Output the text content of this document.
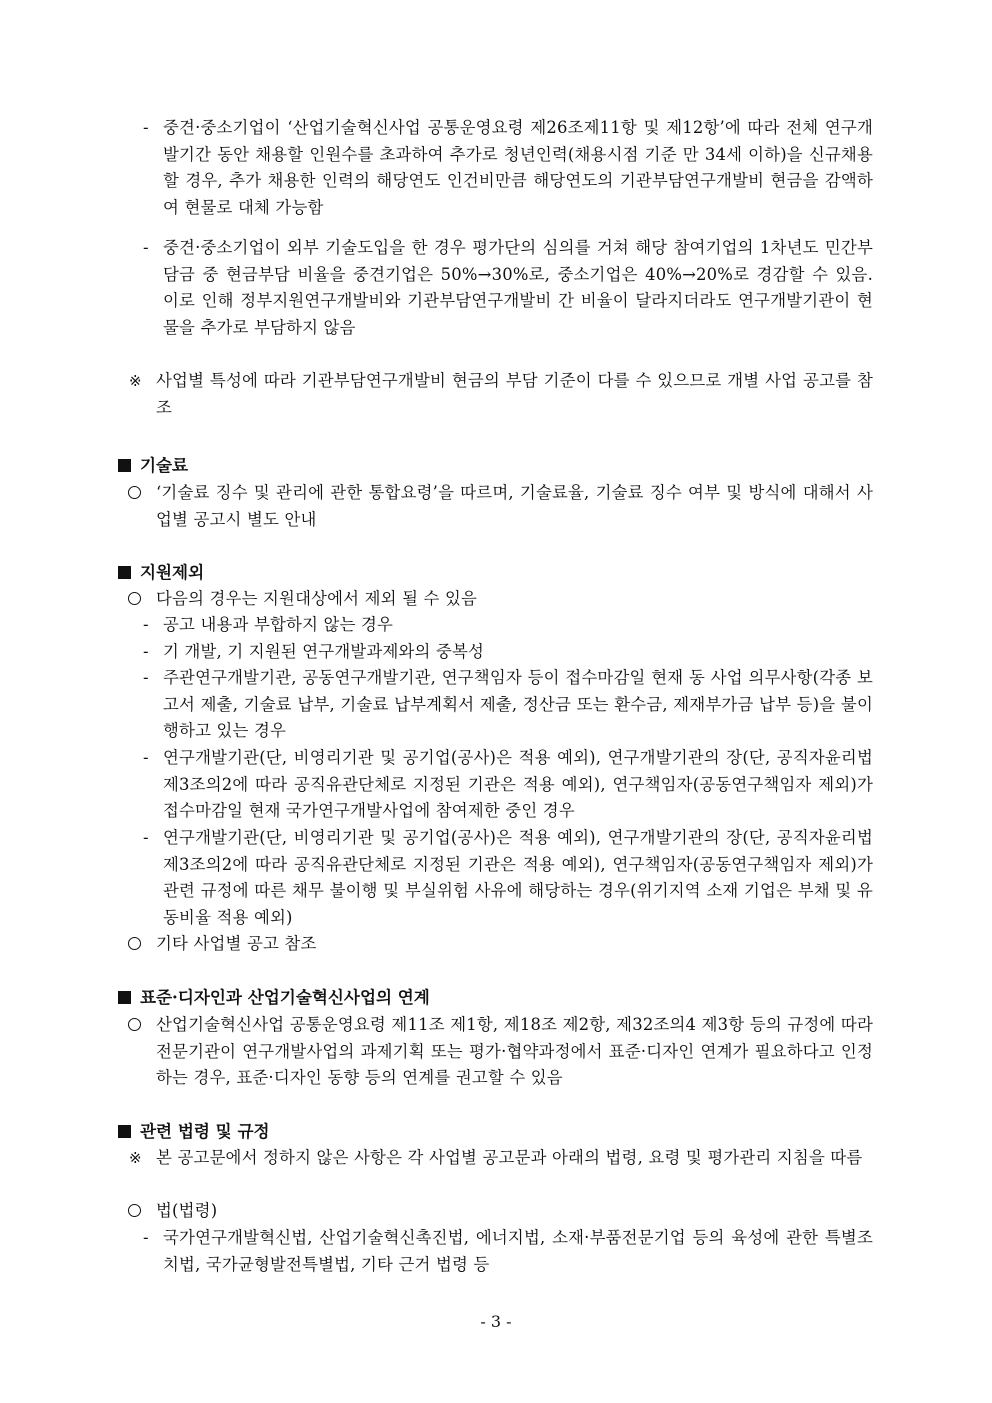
- 중견·중소기업이 ‘산업기술혁신사업 공통운영요령 제26조제11항 및 제12항’에 따라 전체 연구개발기간 동안 채용할 인원수를 초과하여 추가로 청년인력(채용시점 기준 만 34세 이하)을 신규채용 할 경우, 추가 채용한 인력의 해당연도 인건비만큼 해당연도의 기관부담연구개발비 현금을 감액하여 현물로 대체 가능함
- 중견·중소기업이 외부 기술도입을 한 경우 평가단의 심의를 거쳐 해당 참여기업의 1차년도 민간부담금 중 현금부담 비율을 중견기업은 50%→30%로, 중소기업은 40%→20%로 경감할 수 있음. 이로 인해 정부지원연구개발비와 기관부담연구개발비 간 비율이 달라지더라도 연구개발기관이 현물을 추가로 부담하지 않음
※ 사업별 특성에 따라 기관부담연구개발비 현금의 부담 기준이 다를 수 있으므로 개별 사업 공고를 참조
기술료
‘기술료 징수 및 관리에 관한 통합요령’을 따르며, 기술료율, 기술료 징수 여부 및 방식에 대해서 사업별 공고시 별도 안내
지원제외
다음의 경우는 지원대상에서 제외 될 수 있음
- 공고 내용과 부합하지 않는 경우
- 기 개발, 기 지원된 연구개발과제와의 중복성
- 주관연구개발기관, 공동연구개발기관, 연구책임자 등이 접수마감일 현재 동 사업 의무사항(각종 보고서 제출, 기술료 납부, 기술료 납부계획서 제출, 정산금 또는 환수금, 제재부가금 납부 등)을 불이행하고 있는 경우
- 연구개발기관(단, 비영리기관 및 공기업(공사)은 적용 예외), 연구개발기관의 장(단, 공직자윤리법 제3조의2에 따라 공직유관단체로 지정된 기관은 적용 예외), 연구책임자(공동연구책임자 제외)가 접수마감일 현재 국가연구개발사업에 참여제한 중인 경우
- 연구개발기관(단, 비영리기관 및 공기업(공사)은 적용 예외), 연구개발기관의 장(단, 공직자윤리법 제3조의2에 따라 공직유관단체로 지정된 기관은 적용 예외), 연구책임자(공동연구책임자 제외)가 관련 규정에 따른 채무 불이행 및 부실위험 사유에 해당하는 경우(위기지역 소재 기업은 부채 및 유동비율 적용 예외)
기타 사업별 공고 참조
표준·디자인과 산업기술혁신사업의 연계
산업기술혁신사업 공통운영요령 제11조 제1항, 제18조 제2항, 제32조의4 제3항 등의 규정에 따라 전문기관이 연구개발사업의 과제기획 또는 평가·협약과정에서 표준·디자인 연계가 필요하다고 인정하는 경우, 표준·디자인 동향 등의 연계를 권고할 수 있음
관련 법령 및 규정
※ 본 공고문에서 정하지 않은 사항은 각 사업별 공고문과 아래의 법령, 요령 및 평가관리 지침을 따름
법(법령)
- 국가연구개발혁신법, 산업기술혁신촉진법, 에너지법, 소재·부품전문기업 등의 육성에 관한 특별조치법, 국가균형발전특별법, 기타 근거 법령 등
- 3 -
